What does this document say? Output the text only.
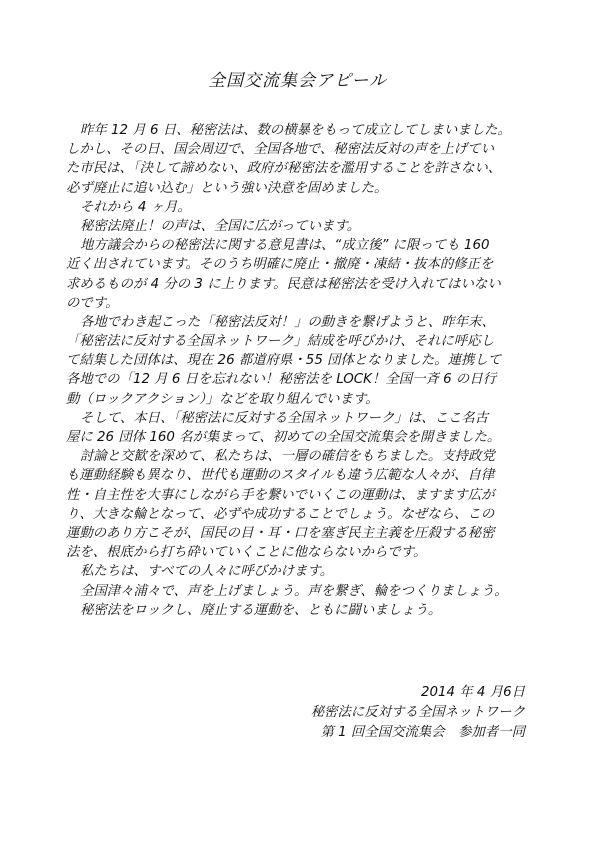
全国交流集会アピール
昨年 12 月 6 日、秘密法は、数の横暴をもって成立してしまいました。
しかし、その日、国会周辺で、全国各地で、秘密法反対の声を上げてい
た市民は、「決して諦めない、政府が秘密法を濫用することを許さない、
必ず廃止に追い込む」という強い決意を固めました。
それから 4 ヶ月。
秘密法廃止！の声は、全国に広がっています。
地方議会からの秘密法に関する意見書は、“成立後” に限っても 160
近く出されています。そのうち明確に廃止・撤廃・凍結・抜本的修正を
求めるものが 4 分の 3 に上ります。民意は秘密法を受け入れてはいない
のです。
各地でわき起こった「秘密法反対！」の動きを繋げようと、昨年末、
「秘密法に反対する全国ネットワーク」結成を呼びかけ、それに呼応し
て結集した団体は、現在 26 都道府県・55 団体となりました。連携して
各地での「12 月 6 日を忘れない！秘密法を LOCK！全国一斉 6 の日行
動（ロックアクション）」などを取り組んでいます。
そして、本日、「秘密法に反対する全国ネットワーク」は、ここ名古
屋に 26 団体 160 名が集まって、初めての全国交流集会を開きました。
討論と交歓を深めて、私たちは、一層の確信をもちました。支持政党
も運動経験も異なり、世代も運動のスタイルも違う広範な人々が、自律
性・自主性を大事にしながら手を繋いでいくこの運動は、ますます広が
り、大きな輪となって、必ずや成功することでしょう。なぜなら、この
運動のあり方こそが、国民の目・耳・口を塞ぎ民主主義を圧殺する秘密
法を、根底から打ち砕いていくことに他ならないからです。
私たちは、すべての人々に呼びかけます。
全国津々浦々で、声を上げましょう。声を繋ぎ、輪をつくりましょう。
秘密法をロックし、廃止する運動を、ともに闘いましょう。
2014 年 4 月6日
秘密法に反対する全国ネットワーク
第 1 回全国交流集会　参加者一同
